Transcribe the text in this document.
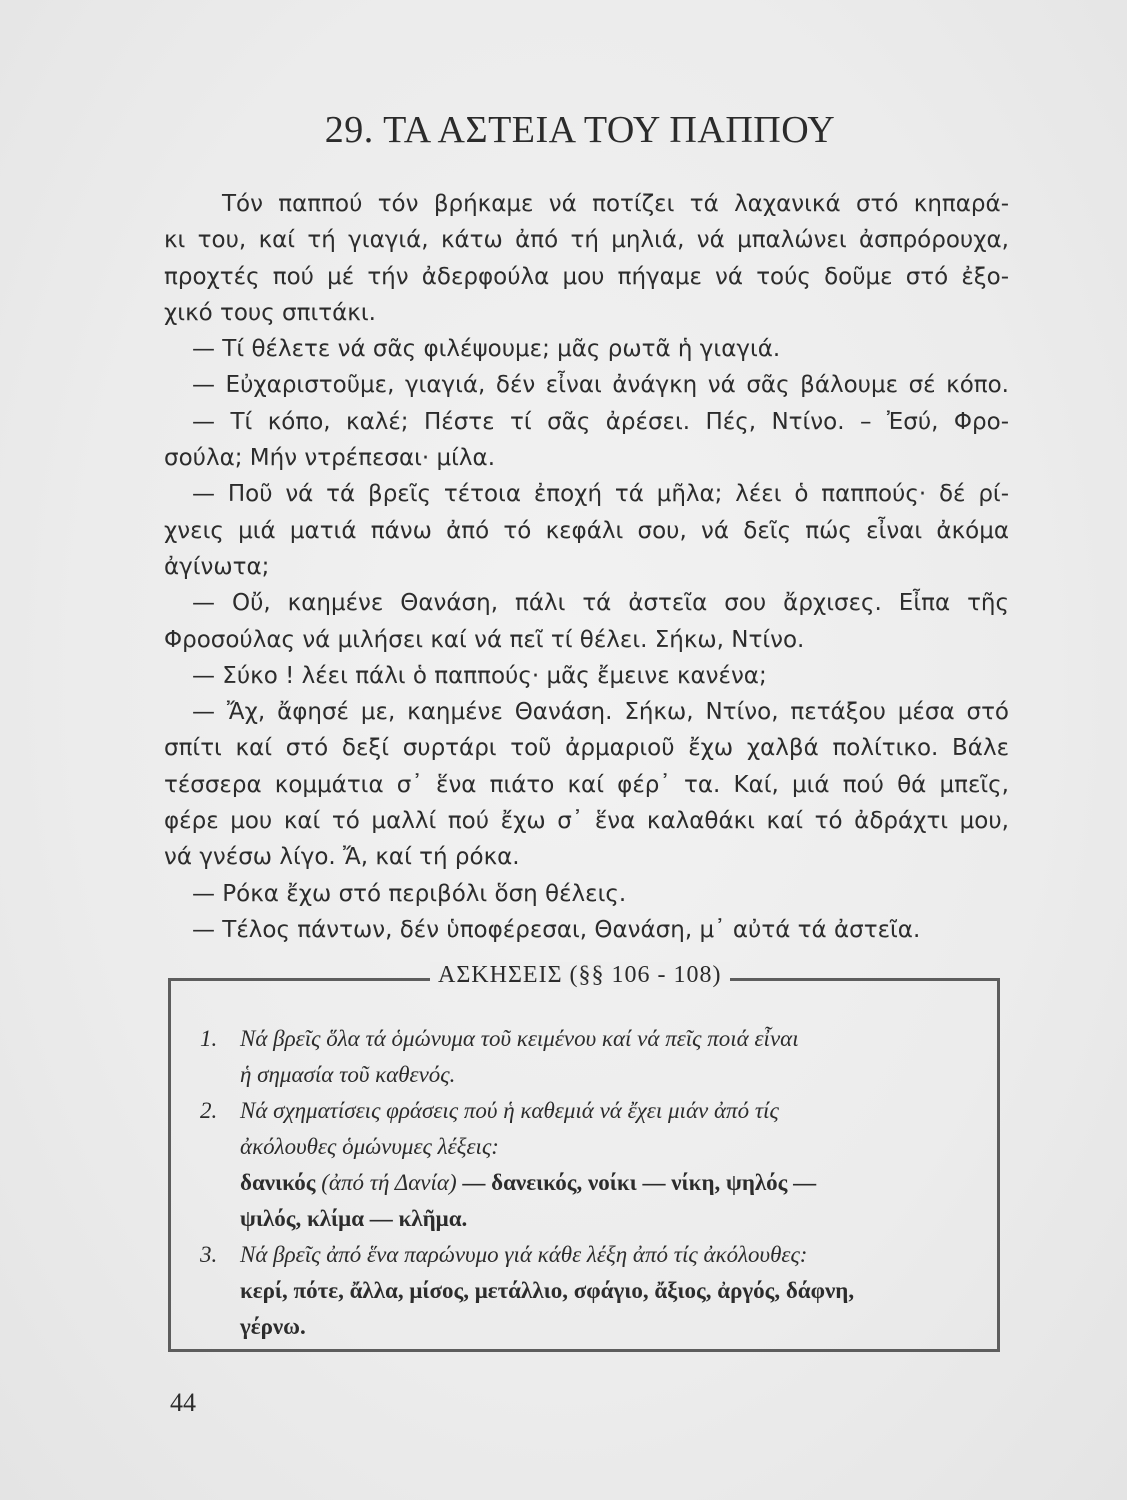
29. ΤΑ ΑΣΤΕΙΑ ΤΟΥ ΠΑΠΠΟΥ
Τόν παππού τόν βρήκαμε νά ποτίζει τά λαχανικά στό κηπαρά-
κι του, καί τή γιαγιά, κάτω ἀπό τή μηλιά, νά μπαλώνει ἀσπρόρουχα,
προχτές πού μέ τήν ἀδερφούλα μου πήγαμε νά τούς δοῦμε στό ἐξο-
χικό τους σπιτάκι.
— Τί θέλετε νά σᾶς φιλέψουμε; μᾶς ρωτᾶ ἡ γιαγιά.
— Εὐχαριστοῦμε, γιαγιά, δέν εἶναι ἀνάγκη νά σᾶς βάλουμε σέ κόπο.
— Τί κόπο, καλέ; Πέστε τί σᾶς ἀρέσει. Πές, Ντίνο. – Ἐσύ, Φρο-
σούλα; Μήν ντρέπεσαι· μίλα.
— Ποῦ νά τά βρεῖς τέτοια ἐποχή τά μῆλα; λέει ὁ παππούς· δέ ρί-
χνεις μιά ματιά πάνω ἀπό τό κεφάλι σου, νά δεῖς πώς εἶναι ἀκόμα
ἀγίνωτα;
— Οὔ, καημένε Θανάση, πάλι τά ἀστεῖα σου ἄρχισες. Εἶπα τῆς
Φροσούλας νά μιλήσει καί νά πεῖ τί θέλει. Σήκω, Ντίνο.
— Σύκο ! λέει πάλι ὁ παππούς· μᾶς ἔμεινε κανένα;
— Ἄχ, ἄφησέ με, καημένε Θανάση. Σήκω, Ντίνο, πετάξου μέσα στό
σπίτι καί στό δεξί συρτάρι τοῦ ἀρμαριοῦ ἔχω χαλβά πολίτικο. Βάλε
τέσσερα κομμάτια σ᾽ ἕνα πιάτο καί φέρ᾽ τα. Καί, μιά πού θά μπεῖς,
φέρε μου καί τό μαλλί πού ἔχω σ᾽ ἕνα καλαθάκι καί τό ἀδράχτι μου,
νά γνέσω λίγο. Ἄ, καί τή ρόκα.
— Ρόκα ἔχω στό περιβόλι ὅση θέλεις.
— Τέλος πάντων, δέν ὑποφέρεσαι, Θανάση, μ᾽ αὐτά τά ἀστεῖα.
ΑΣΚΗΣΕΙΣ (§§ 106 - 108)
1. Νά βρεῖς ὅλα τά ὁμώνυμα τοῦ κειμένου καί νά πεῖς ποιά εἶναι
ἡ σημασία τοῦ καθενός.
2. Νά σχηματίσεις φράσεις πού ἡ καθεμιά νά ἔχει μιάν ἀπό τίς
ἀκόλουθες ὁμώνυμες λέξεις:
δανικός (ἀπό τή Δανία) — δανεικός, νοίκι — νίκη, ψηλός —
ψιλός, κλίμα — κλῆμα.
3. Νά βρεῖς ἀπό ἕνα παρώνυμο γιά κάθε λέξη ἀπό τίς ἀκόλουθες:
κερί, πότε, ἄλλα, μίσος, μετάλλιο, σφάγιο, ἄξιος, ἀργός, δάφνη,
γέρνω.
44
